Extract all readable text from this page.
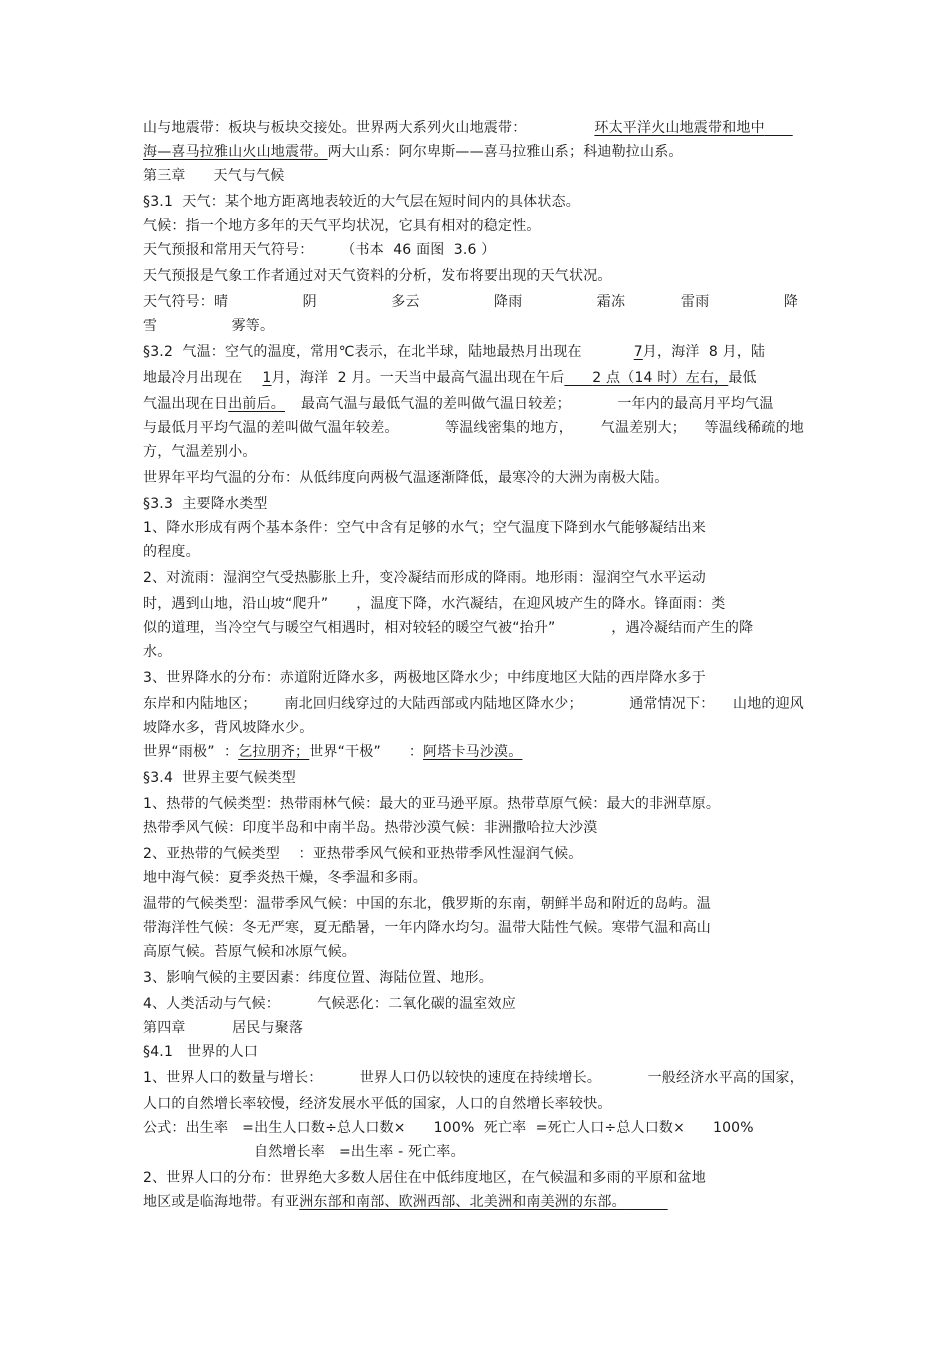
山与地震带：板块与板块交接处。世界两大系列火山地震带：	环太平洋火山地震带和地中
海—喜马拉雅山火山地震带。两大山系：阿尔卑斯——喜马拉雅山系；科迪勒拉山系。
第三章      天气与气候
§3.1  天气：某个地方距离地表较近的大气层在短时间内的具体状态。
气候：指一个地方多年的天气平均状况，它具有相对的稳定性。
天气预报和常用天气符号：      （书本  46 面图  3.6 ）
天气预报是气象工作者通过对天气资料的分析，发布将要出现的天气状况。
天气符号：晴                阴                多云                降雨                霜冻            雷雨                降
雪                雾等。
§3.2  气温：空气的温度，常用℃表示，在北半球，陆地最热月出现在	7月，海洋  8 月，陆
地最冷月出现在 1月，海洋  2 月。一天当中最高气温出现在午后 2 点（14 时）左右，最低
气温出现在日出前后。 最高气温与最低气温的差叫做气温日较差；          一年内的最高月平均气温
与最低月平均气温的差叫做气温年较差。          等温线密集的地方，      气温差别大；    等温线稀疏的地
方，气温差别小。
世界年平均气温的分布：从低纬度向两极气温逐渐降低，最寒冷的大洲为南极大陆。
§3.3  主要降水类型
1、降水形成有两个基本条件：空气中含有足够的水气；空气温度下降到水气能够凝结出来
的程度。
2、对流雨：湿润空气受热膨胀上升，变冷凝结而形成的降雨。地形雨：湿润空气水平运动
时，遇到山地，沿山坡“爬升”      ，温度下降，水汽凝结，在迎风坡产生的降水。锋面雨：类
似的道理，当冷空气与暖空气相遇时，相对较轻的暖空气被“抬升”            ，遇冷凝结而产生的降
水。
3、世界降水的分布：赤道附近降水多，两极地区降水少；中纬度地区大陆的西岸降水多于
东岸和内陆地区；      南北回归线穿过的大陆西部或内陆地区降水少；          通常情况下：    山地的迎风
坡降水多，背风坡降水少。
世界“雨极”  ：乞拉朋齐；世界“干极”      ：阿塔卡马沙漠。
§3.4  世界主要气候类型
1、热带的气候类型：热带雨林气候：最大的亚马逊平原。热带草原气候：最大的非洲草原。
热带季风气候：印度半岛和中南半岛。热带沙漠气候：非洲撒哈拉大沙漠
2、亚热带的气候类型    ：亚热带季风气候和亚热带季风性湿润气候。
地中海气候：夏季炎热干燥，冬季温和多雨。
温带的气候类型：温带季风气候：中国的东北，俄罗斯的东南，朝鲜半岛和附近的岛屿。温
带海洋性气候：冬无严寒，夏无酷暑，一年内降水均匀。温带大陆性气候。寒带气温和高山
高原气候。苔原气候和冰原气候。
3、影响气候的主要因素：纬度位置、海陆位置、地形。
4、人类活动与气候：        气候恶化：二氧化碳的温室效应
第四章          居民与聚落
§4.1   世界的人口
1、世界人口的数量与增长：        世界人口仍以较快的速度在持续增长。          一般经济水平高的国家，
人口的自然增长率较慢，经济发展水平低的国家，人口的自然增长率较快。
公式：出生率   =出生人口数÷总人口数×      100%  死亡率  =死亡人口÷总人口数×      100%
自然增长率   =出生率 - 死亡率。
2、世界人口的分布：世界绝大多数人居住在中低纬度地区，在气候温和多雨的平原和盆地
地区或是临海地带。有亚洲东部和南部、欧洲西部、北美洲和南美洲的东部。
